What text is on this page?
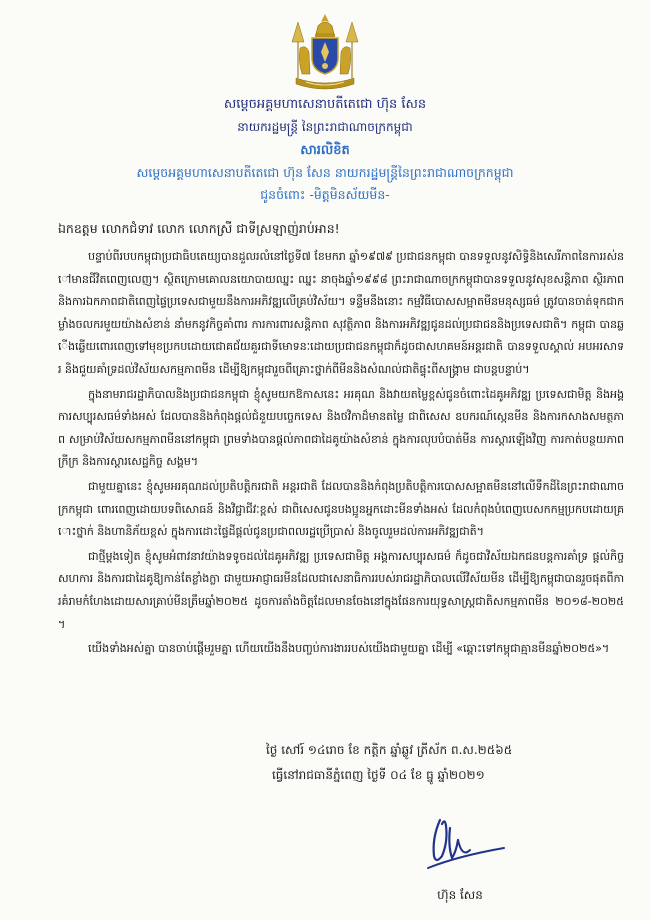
សម្តេចអគ្គមហាសេនាបតីតេជោ ហ៊ុន សែន
នាយករដ្ឋមន្ត្រី នៃព្រះរាជាណាចក្រកម្ពុជា
សារលិខិត
សម្តេចអគ្គមហាសេនាបតីតេជោ ហ៊ុន សែន នាយករដ្ឋមន្ត្រីនៃព្រះរាជាណាចក្រកម្ពុជា
ជូនចំពោះ -មិត្តមិនស័យមីន-
ឯកឧត្តម លោកជំទាវ លោក លោកស្រី ជាទីស្រឡាញ់រាប់អាន!

បន្ទាប់ពីរបបកម្ពុជាប្រជាធិបតេយ្យបានដួលរលំនៅថ្ងៃទី៧ ខែមករា ឆ្នាំ១៩៧៩ ប្រជាជនកម្ពុជា បានទទួលនូវសិទ្ធិនិងសេរីភាពនៃការរស់នៅមានជីវិតពេញលេញ។ ស្ថិតក្រោមគោលនយោបាយឈ្នះ ឈ្នះ នាចុងឆ្នាំ១៩៩៨ ព្រះរាជាណាចក្រកម្ពុជាបានទទួលនូវសុខសន្តិភាព ស្ថិរភាព និងការឯកភាពជាតិពេញផ្ទៃប្រទេសជាមួយនឹងការអភិវឌ្ឍលើគ្រប់វិស័យ។ ទន្ទឹមនឹងនោះ កម្មវិធីបោសសម្អាតមីនមនុស្សធម៌ ត្រូវបានចាត់ទុកជាកម្លាំងចលករមួយយ៉ាងសំខាន់ នាំមកនូវកិច្ចគាំពារ ការការពារសន្តិភាព សុវត្ថិភាព និងការអភិវឌ្ឍជូនដល់ប្រជាជននិងប្រទេសជាតិ។ កម្ពុជា បានឆ្លើងឆ្លើយពោរពេញទៅមុខប្រកបដោយជោគជ័យគួរជាទីមោទនៈដោយប្រជាជនកម្ពុជាក៏ដូចជាសហគមន៍អន្តរជាតិ បានទទួលស្គាល់ អបអរសាទរ និងជួយគាំទ្រដល់វិស័យសកម្មភាពមីន ដើម្បីឱ្យកម្ពុជារួចពីគ្រោះថ្នាក់ពីមីននិងសំណល់ជាតិផ្ទុះពីសង្គ្រាម ជាបន្តបន្ទាប់។

ក្នុងនាមរាជរដ្ឋាភិបាលនិងប្រជាជនកម្ពុជា ខ្ញុំសូមយកឱកាសនេះ អរគុណ និងវាយតម្លៃខ្ពស់ជូនចំពោះដៃគូអភិវឌ្ឍ ប្រទេសជាមិត្ត និងអង្គការសប្បុរសធម៌ទាំងអស់ ដែលបាននិងកំពុងផ្តល់ជំនួយបច្ចេកទេស និងថវិកាដ៏មានតម្លៃ ជាពិសេស ឧបករណ៍ស្កេនមីន និងការកសាងសមត្ថភាព សម្រាប់វិស័យសកម្មភាពមីននៅកម្ពុជា ព្រមទាំងបានផ្តល់ភាពជាដៃគូយ៉ាងសំខាន់ ក្នុងការលុបបំបាត់មីន ការស្តារឡើងវិញ ការកាត់បន្ថយភាពក្រីក្រ និងការស្តារសេដ្ឋកិច្ច សង្គម។

ជាមួយគ្នានេះ ខ្ញុំសូមអរគុណដល់ប្រតិបត្តិករជាតិ អន្តរជាតិ ដែលបាននិងកំពុងប្រតិបត្តិការបោសសម្អាតមីននៅលើទឹកដីនៃព្រះរាជាណាចក្រកម្ពុជា ពោរពេញដោយបទពិសោធន៍ និងវិជ្ជាជីវៈខ្ពស់ ជាពិសេសជូនបងប្អូនអ្នកដោះមីនទាំងអស់ ដែលកំពុងបំពេញបេសកកម្មប្រកបដោយគ្រោះថ្នាក់ និងហានិភ័យខ្ពស់ ក្នុងការដោះផ្ទៃដីផ្តល់ជូនប្រជាពលរដ្ឋប្រើប្រាស់ និងចូលរួមដល់ការអភិវឌ្ឍជាតិ។

ជាថ្មីម្តងទៀត ខ្ញុំសូមអំពាវនាវយ៉ាងទទូចដល់ដៃគូអភិវឌ្ឍ ប្រទេសជាមិត្ត អង្គការសប្បុរសធម៌ ក៏ដូចជាវិស័យឯកជនបន្តការគាំទ្រ ផ្តល់កិច្ចសហការ និងការជាដៃគូឱ្យកាន់តែខ្លាំងក្លា ជាមួយអាជ្ញាធរមីនដែលជាសេនាធិការរបស់រាជរដ្ឋាភិបាលលើវិស័យមីន ដើម្បីឱ្យកម្ពុជាបានរួចផុតពីការគំរាមកំហែងដោយសារគ្រាប់មីនត្រឹមឆ្នាំ២០២៥ ដូចការតាំងចិត្តដែលមានចែងនៅក្នុងផែនការយុទ្ធសាស្ត្រជាតិសកម្មភាពមីន ២០១៨-២០២៥។

យើងទាំងអស់គ្នា បានចាប់ផ្តើមរួមគ្នា ហើយយើងនឹងបញ្ចប់ការងាររបស់យើងជាមួយគ្នា ដើម្បី «ឆ្ពោះទៅកម្ពុជាគ្មានមីនឆ្នាំ២០២៥»។

ថ្ងៃ សៅរ៍ ១៤រោច ខែ កត្តិក ឆ្នាំឆ្លូវ ត្រីស័ក ព.ស.២៥៦៥
ធ្វើនៅរាជធានីភ្នំពេញ ថ្ងៃទី ០៤ ខែ ធ្នូ ឆ្នាំ២០២១
ហ៊ុន សែន
